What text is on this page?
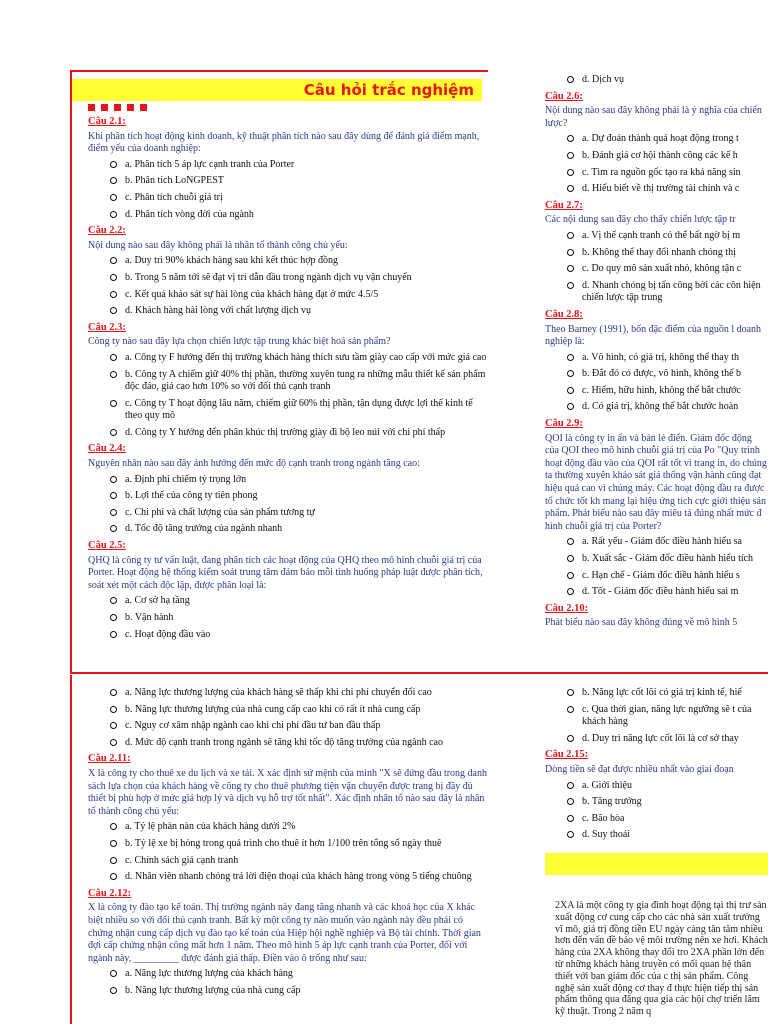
Câu hỏi trắc nghiệm
Câu 2.1:
Khi phân tích hoạt động kinh doanh, kỹ thuật phân tích nào sau đây dùng để đánh giá điểm mạnh, điểm yếu của doanh nghiệp:
a. Phân tích 5 áp lực cạnh tranh của Porter
b. Phân tích LoNGPEST
c. Phân tích chuỗi giá trị
d. Phân tích vòng đời của ngành
Câu 2.2:
Nội dung nào sau đây không phải là nhân tố thành công chủ yếu:
a. Duy trì 90% khách hàng sau khi kết thúc hợp đồng
b. Trong 5 năm tới sẽ đạt vị trí dẫn đầu trong ngành dịch vụ vận chuyển
c. Kết quả khảo sát sự hài lòng của khách hàng đạt ở mức 4.5/5
d. Khách hàng hài lòng với chất lượng dịch vụ
Câu 2.3:
Công ty nào sau đây lựa chọn chiến lược tập trung khác biệt hoá sản phẩm?
a. Công ty F hướng đến thị trường khách hàng thích sưu tầm giày cao cấp với mức giá cao
b. Công ty A chiếm giữ 40% thị phần, thường xuyên tung ra những mẫu thiết kế sản phẩm độc đáo, giá cao hơn 10% so với đối thủ cạnh tranh
c. Công ty T hoạt động lâu năm, chiếm giữ 60% thị phần, tận dụng được lợi thế kinh tế theo quy mô
d. Công ty Y hướng đến phân khúc thị trường giày đi bộ leo núi với chi phí thấp
Câu 2.4:
Nguyên nhân nào sau đây ảnh hưởng đến mức độ cạnh tranh trong ngành tăng cao:
a. Định phí chiếm tỷ trọng lớn
b. Lợi thế của công ty tiên phong
c. Chi phí và chất lượng của sản phẩm tương tự
d. Tốc độ tăng trưởng của ngành nhanh
Câu 2.5:
QHQ là công ty tư vấn luật, đang phân tích các hoạt động của QHQ theo mô hình chuỗi giá trị của Porter. Hoạt động hệ thống kiểm soát trung tâm đảm bảo mỗi tình huống pháp luật được phân tích, soát xét một cách độc lập, được phân loại là:
a. Cơ sở hạ tầng
b. Vận hành
c. Hoạt động đầu vào
d. Dịch vụ
Câu 2.6:
Nội dung nào sau đây không phải là ý nghĩa của chiến lược?
a. Dự đoán thành quả hoạt động trong t
b. Đánh giá cơ hội thành công các kế h
c. Tìm ra nguồn gốc tạo ra khả năng sin
d. Hiểu biết về thị trường tài chính và c
Câu 2.7:
Các nội dung sau đây cho thấy chiến lược tập tr
a. Vị thế cạnh tranh có thể bất ngờ bị m
b. Không thể thay đổi nhanh chóng thị
c. Do quy mô sản xuất nhỏ, không tận c
d. Nhanh chóng bị tấn công bởi các côn hiện chiến lược tập trung
Câu 2.8:
Theo Barney (1991), bốn đặc điểm của nguồn l doanh nghiệp là:
a. Vô hình, có giá trị, không thể thay th
b. Đắt đỏ có được, vô hình, không thể b
c. Hiếm, hữu hình, không thể bắt chước
d. Có giá trị, không thể bắt chước hoàn
Câu 2.9:
QOI là công ty in ấn và bán lẻ điển. Giám đốc động của QOI theo mô hình chuỗi giá trị của Po "Quy trình hoạt động đầu vào của QOI rất tốt vì trang in, do chúng ta thường xuyên khảo sát giá thống vận hành cũng đạt hiệu quả cao vì chúng máy. Các hoạt động đầu ra được tổ chức tốt kh mang lại hiệu ứng tích cực giới thiệu sản phẩm. Phát biểu nào sau đây miêu tả đúng nhất mức đ hình chuỗi giá trị của Porter?
a. Rất yếu - Giám đốc điều hành hiểu sa
b. Xuất sắc - Giám đốc điều hành hiểu tích
c. Hạn chế - Giám đốc điều hành hiểu s
d. Tốt - Giám đốc điều hành hiểu sai m
Câu 2.10:
Phát biểu nào sau đây không đúng về mô hình 5
a. Năng lực thương lượng của khách hàng sẽ thấp khi chi phí chuyển đổi cao
b. Năng lực thương lượng của nhà cung cấp cao khi có rất ít nhà cung cấp
c. Nguy cơ xâm nhập ngành cao khi chi phí đầu tư ban đầu thấp
d. Mức độ cạnh tranh trong ngành sẽ tăng khi tốc độ tăng trưởng của ngành cao
Câu 2.11:
X là công ty cho thuê xe du lịch và xe tải. X xác định sứ mệnh của mình "X sẽ đứng đầu trong danh sách lựa chọn của khách hàng về công ty cho thuê phương tiện vận chuyển được trang bị đầy đủ thiết bị phù hợp ở mức giá hợp lý và dịch vụ hỗ trợ tốt nhất". Xác định nhân tố nào sau đây là nhân tố thành công chủ yếu:
a. Tỷ lệ phàn nàn của khách hàng dưới 2%
b. Tỷ lệ xe bị hỏng trong quá trình cho thuê ít hơn 1/100 trên tổng số ngày thuê
c. Chính sách giá cạnh tranh
d. Nhân viên nhanh chóng trả lời điện thoại của khách hàng trong vòng 5 tiếng chuông
Câu 2.12:
X là công ty đào tạo kế toán. Thị trường ngành này đang tăng nhanh và các khoá học của X khác biệt nhiều so với đối thủ cạnh tranh. Bất kỳ một công ty nào muốn vào ngành này đều phải có chứng nhận cung cấp dịch vụ đào tạo kế toán của Hiệp hội nghề nghiệp và Bộ tài chính. Thời gian đợi cấp chứng nhận công mất hơn 1 năm. Theo mô hình 5 áp lực cạnh tranh của Porter, đối với ngành này, _________ được đánh giá thấp. Điền vào ô trống như sau:
a. Năng lực thương lượng của khách hàng
b. Năng lực thương lượng của nhà cung cấp
b. Năng lực cốt lõi có giá trị kinh tế, hiế
c. Qua thời gian, năng lực ngưỡng sẽ t của khách hàng
d. Duy trì năng lực cốt lõi là cơ sở thay
Câu 2.15:
Dòng tiền sẽ đạt được nhiều nhất vào giai đoạn
a. Giới thiệu
b. Tăng trưởng
c. Bão hòa
d. Suy thoái
2XA là một công ty gia đình hoạt động tại thị trư sản xuất động cơ cung cấp cho các nhà sản xuất trường vĩ mô, giá trị đồng tiền EU ngày càng tăn tâm nhiều hơn đến vấn đề bảo vệ môi trường nên xe hơi. Khách hàng của 2XA không thay đổi tro 2XA phần lớn đến từ những khách hàng truyền có mối quan hệ thân thiết với ban giám đốc của c thị sản phẩm. Công nghệ sản xuất động cơ thay đ thực hiện tiếp thị sản phẩm thông qua đăng qua gia các hội chợ triển lãm kỹ thuật. Trong 2 năm q
